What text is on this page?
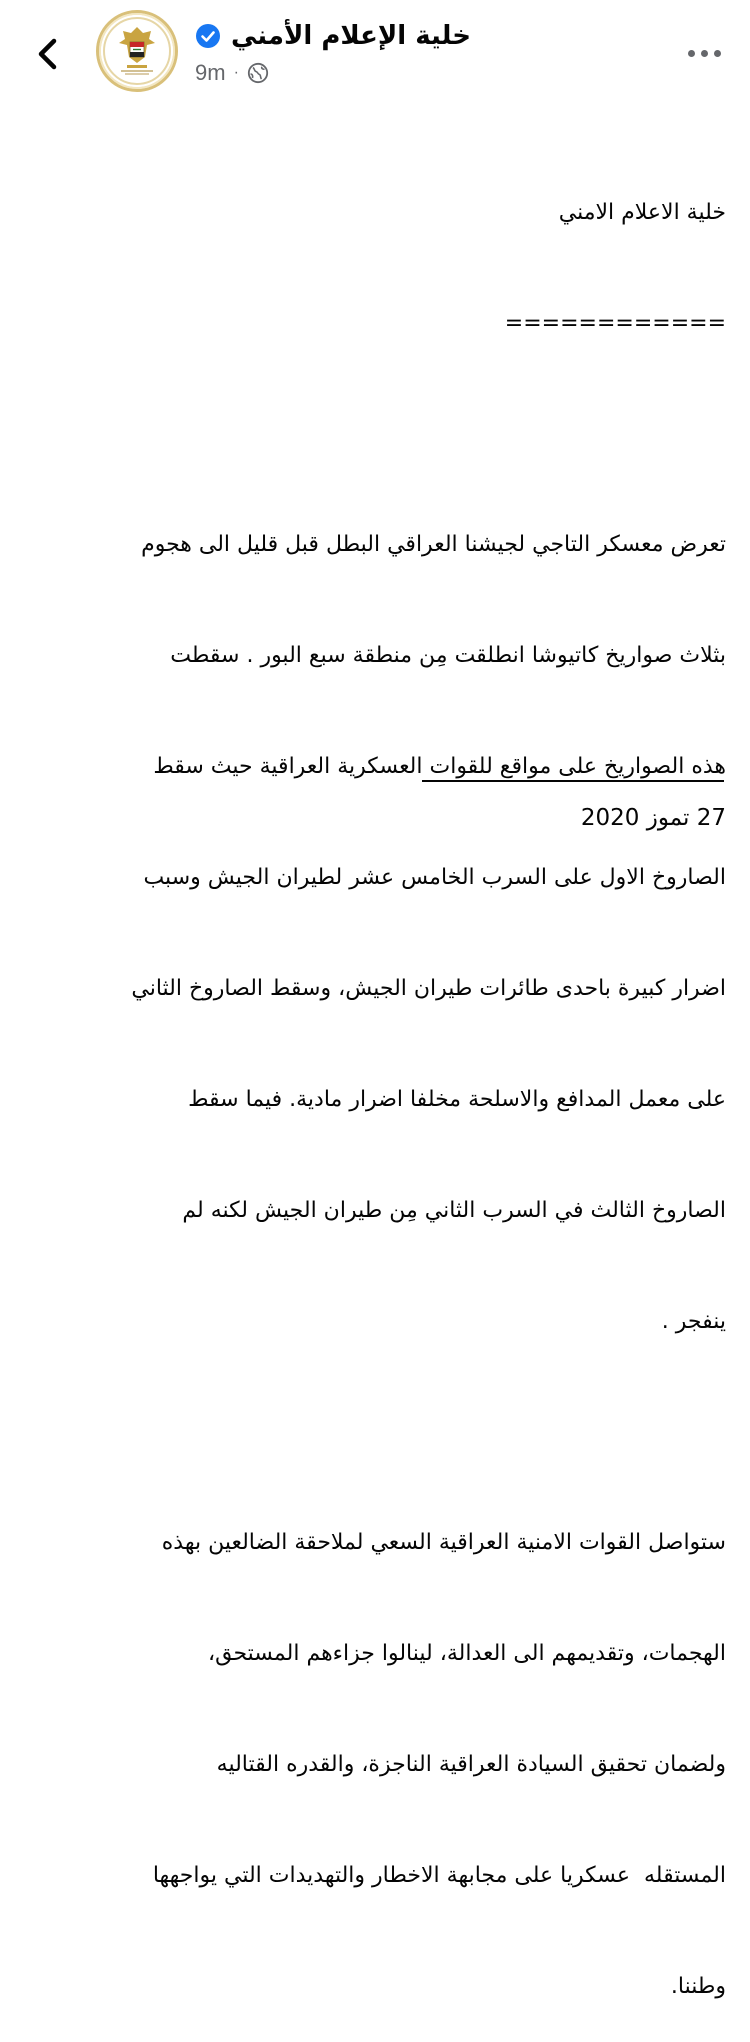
خلية الإعلام الأمني
9m ·

خلية الاعلام الامني

============

تعرض معسكر التاجي لجيشنا العراقي البطل قبل قليل الى هجوم

بثلاث صواريخ كاتيوشا انطلقت مِن منطقة سبع البور . سقطت

هذه الصواريخ على مواقع للقوات العسكرية العراقية حيث سقط

الصاروخ الاول على السرب الخامس عشر لطيران الجيش وسبب

اضرار كبيرة باحدى طائرات طيران الجيش، وسقط الصاروخ الثاني

على معمل المدافع والاسلحة مخلفا اضرار مادية. فيما سقط

الصاروخ الثالث في السرب الثاني مِن طيران الجيش لكنه لم

ينفجر .

ستواصل القوات الامنية العراقية السعي لملاحقة الضالعين بهذه

الهجمات، وتقديمهم الى العدالة، لينالوا جزاءهم المستحق،

ولضمان تحقيق السيادة العراقية الناجزة، والقدره القتاليه

المستقله  عسكريا على مجابهة الاخطار والتهديدات التي يواجهها

وطننا.

27 تموز 2020
